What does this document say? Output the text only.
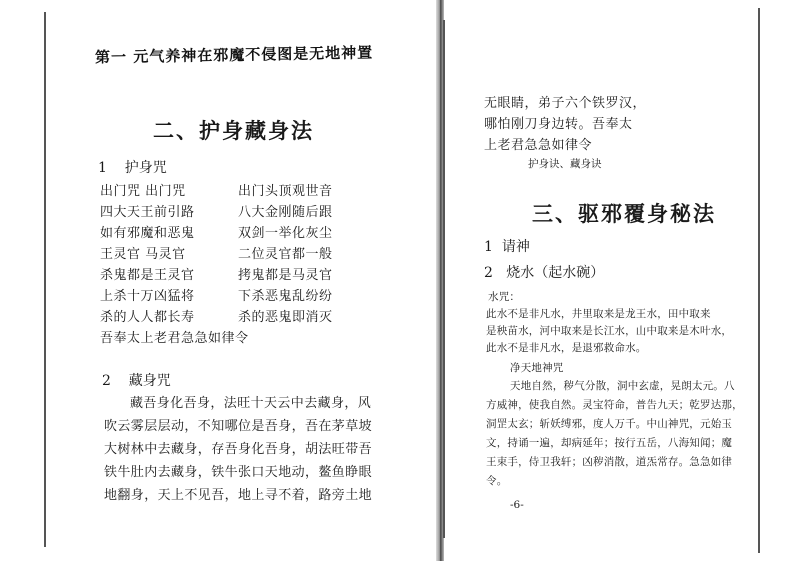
第一 元气养神在邪魔不侵图是无地神置
二、护身藏身法
1 护身咒
出门咒 出门咒	出门头顶观世音
四大天王前引路	八大金刚随后跟
如有邪魔和恶鬼	双剑一举化灰尘
王灵官 马灵官	二位灵官都一般
杀鬼都是王灵官	拷鬼都是马灵官
上杀十万凶猛将	下杀恶鬼乱纷纷
杀的人人都长寿	杀的恶鬼即消灭
吾奉太上老君急急如律令
2 藏身咒
藏吾身化吾身，法旺十天云中去藏身，风
吹云雾层层动，不知哪位是吾身，吾在茅草坡
大树林中去藏身，存吾身化吾身，胡法旺带吾
铁牛肚内去藏身，铁牛张口天地动，鳌鱼睁眼
地翻身，天上不见吾，地上寻不着，路旁土地
无眼睛，弟子六个铁罗汉，
哪怕刚刀身边转。吾奉太
上老君急急如律令
护身诀、藏身诀
三、驱邪覆身秘法
1 请神
2 烧水（起水碗）
水咒：
此水不是非凡水，井里取来是龙王水，田中取来
是秧苗水，河中取来是长江水，山中取来是木叶水，
此水不是非凡水，是退邪救命水。
净天地神咒
天地自然，秽气分散，洞中玄虚，晃朗太元。八
方威神，使我自然。灵宝符命，普告九天；乾罗达那，
洞罡太玄；斩妖缚邪，度人万千。中山神咒，元始玉
文，持诵一遍，却病延年；按行五岳，八海知闻；魔
王束手，侍卫我轩；凶秽消散，道炁常存。急急如律
令。
-6-
